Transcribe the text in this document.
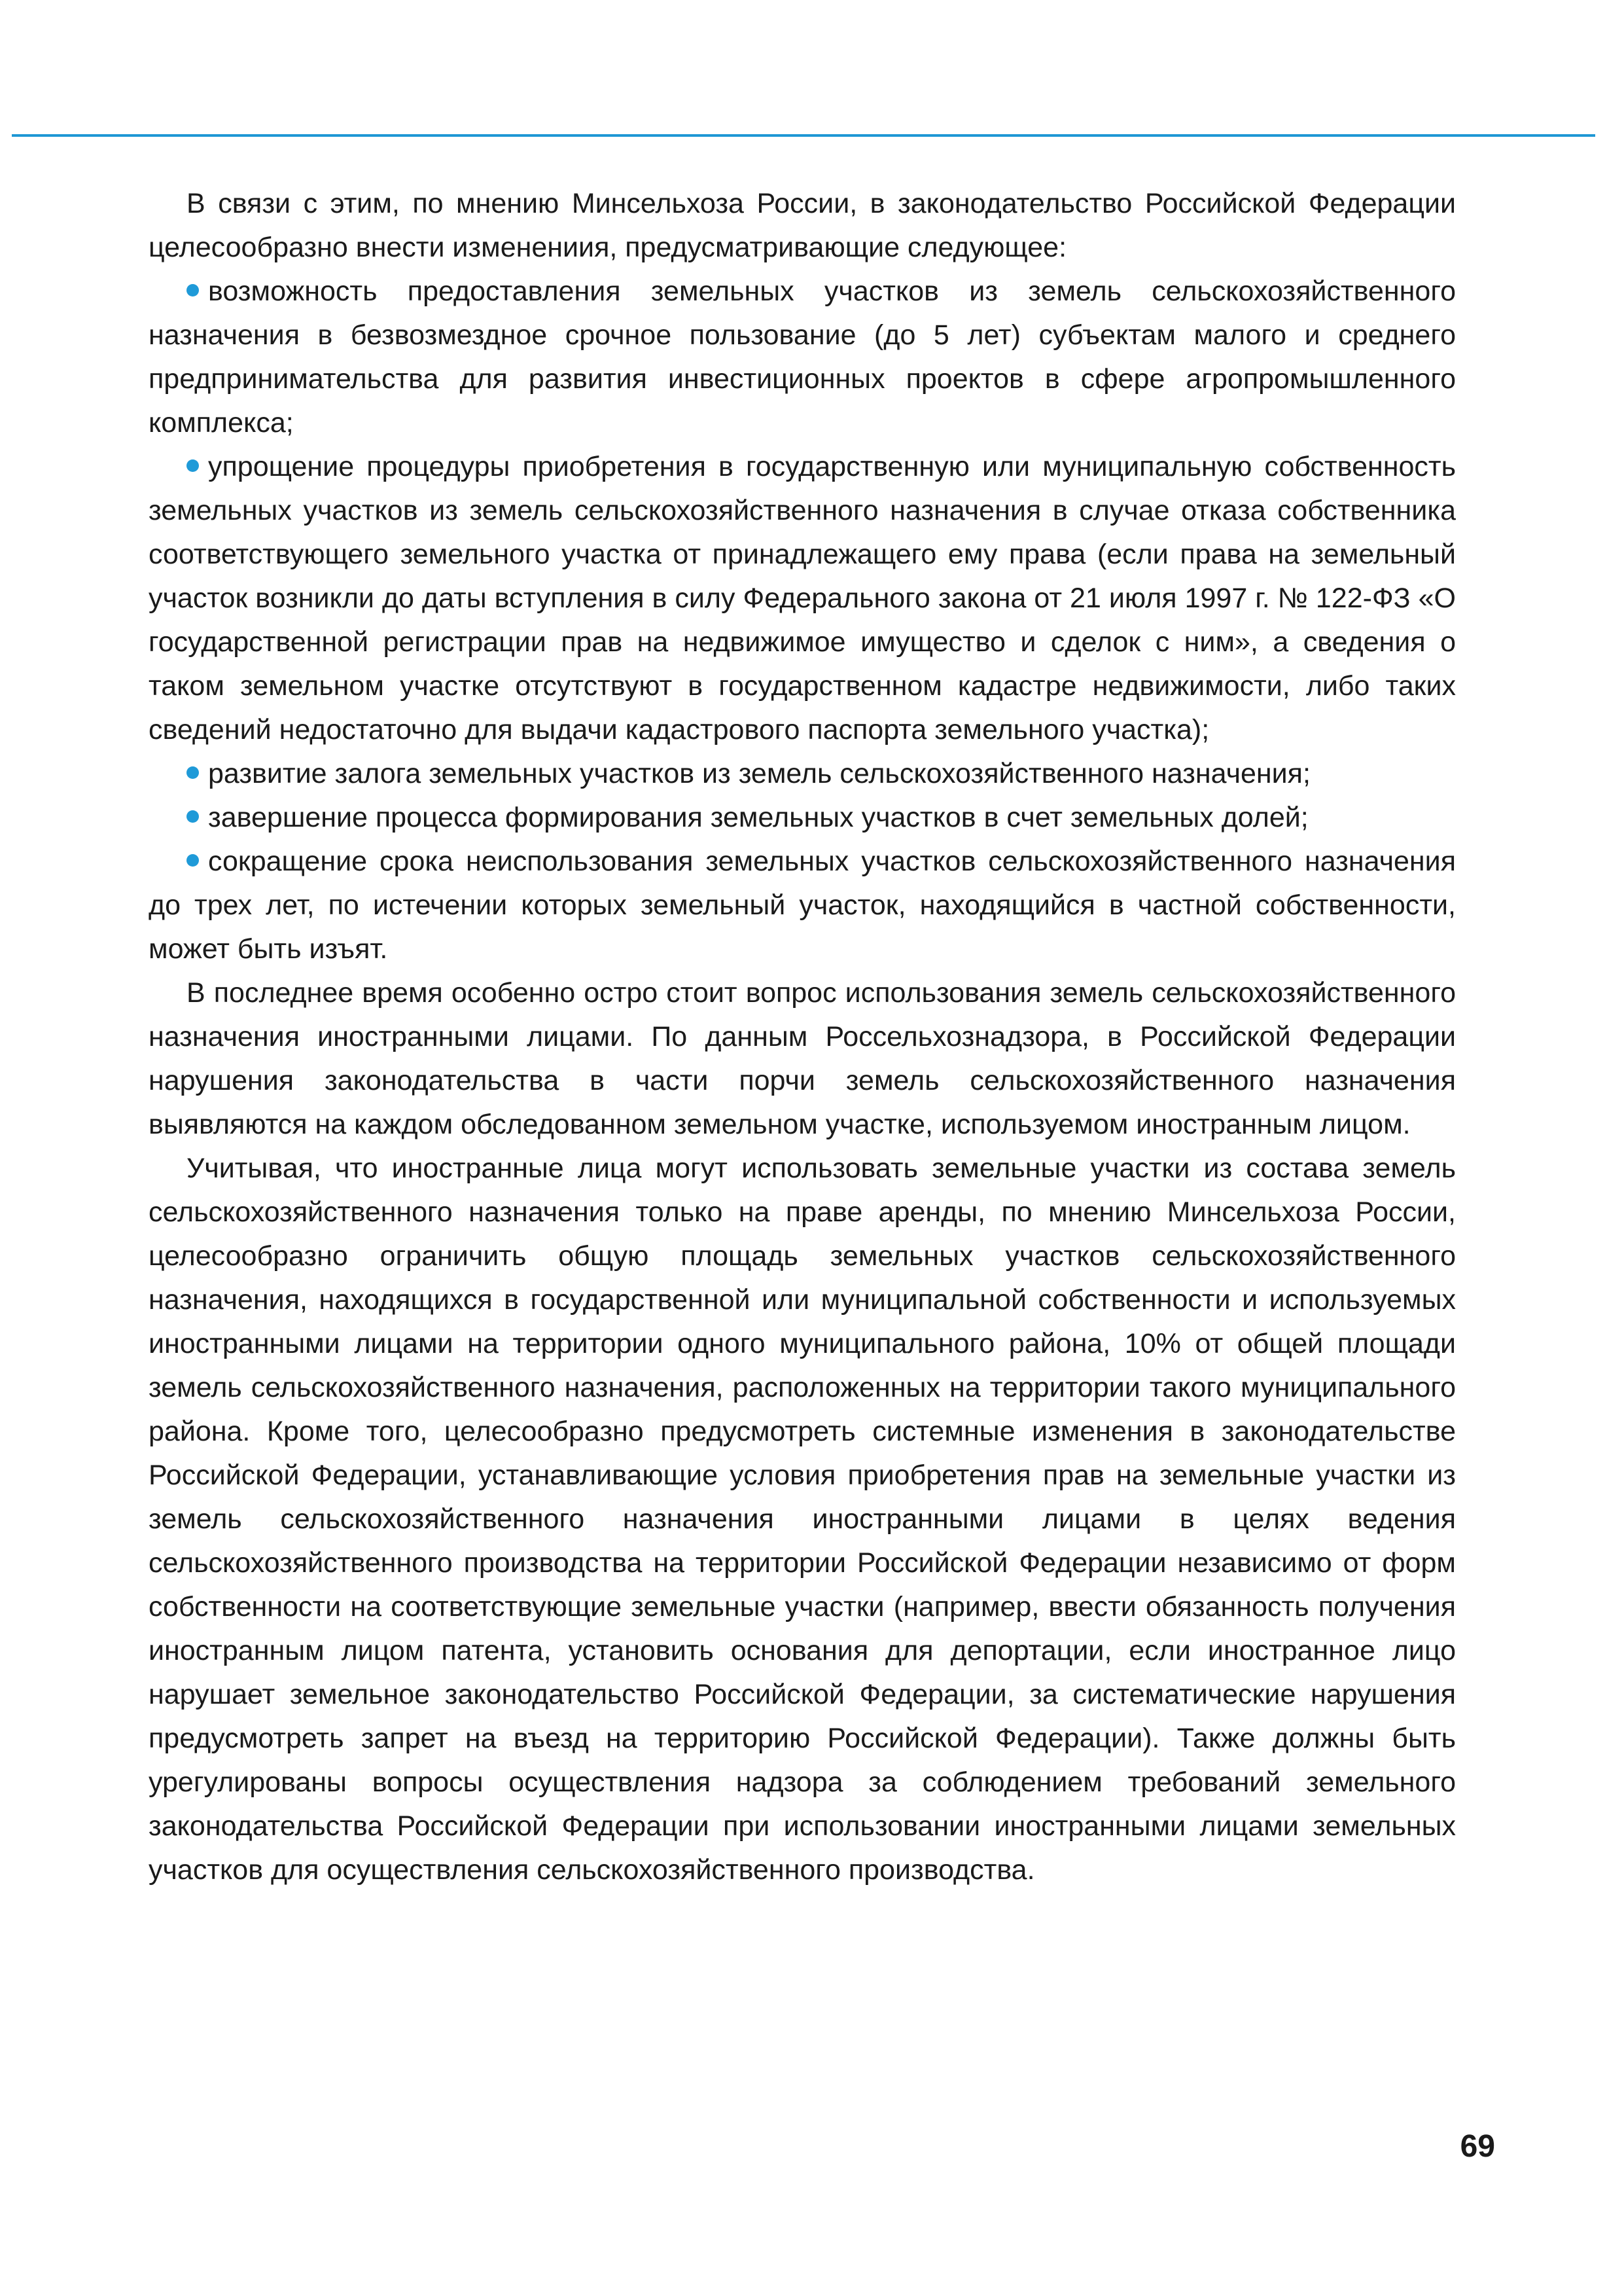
В связи с этим, по мнению Минсельхоза России, в законодательство Российской Федерации целесообразно внести изменениия, предусматривающие следующее:

возможность предоставления земельных участков из земель сельскохозяйственного назначения в безвозмездное срочное пользование (до 5 лет) субъектам малого и среднего предпринимательства для развития инвестиционных проектов в сфере агропромышленного комплекса;

упрощение процедуры приобретения в государственную или муниципальную собственность земельных участков из земель сельскохозяйственного назначения в случае отказа собственника соответствующего земельного участка от принадлежащего ему права (если права на земельный участок возникли до даты вступления в силу Федерального закона от 21 июля 1997 г. № 122-ФЗ «О государственной регистрации прав на недвижимое имущество и сделок с ним», а сведения о таком земельном участке отсутствуют в государственном кадастре недвижимости, либо таких сведений недостаточно для выдачи кадастрового паспорта земельного участка);

развитие залога земельных участков из земель сельскохозяйственного назначения;

завершение процесса формирования земельных участков в счет земельных долей;

сокращение срока неиспользования земельных участков сельскохозяйственного назначения до трех лет, по истечении которых земельный участок, находящийся в частной собственности, может быть изъят.

В последнее время особенно остро стоит вопрос использования земель сельскохозяйственного назначения иностранными лицами. По данным Россельхознадзора, в Российской Федерации нарушения законодательства в части порчи земель сельскохозяйственного назначения выявляются на каждом обследованном земельном участке, используемом иностранным лицом.

Учитывая, что иностранные лица могут использовать земельные участки из состава земель сельскохозяйственного назначения только на праве аренды, по мнению Минсельхоза России, целесообразно ограничить общую площадь земельных участков сельскохозяйственного назначения, находящихся в государственной или муниципальной собственности и используемых иностранными лицами на территории одного муниципального района, 10% от общей площади земель сельскохозяйственного назначения, расположенных на территории такого муниципального района. Кроме того, целесообразно предусмотреть системные изменения в законодательстве Российской Федерации, устанавливающие условия приобретения прав на земельные участки из земель сельскохозяйственного назначения иностранными лицами в целях ведения сельскохозяйственного производства на территории Российской Федерации независимо от форм собственности на соответствующие земельные участки (например, ввести обязанность получения иностранным лицом патента, установить основания для депортации, если иностранное лицо нарушает земельное законодательство Российской Федерации, за систематические нарушения предусмотреть запрет на въезд на территорию Российской Федерации). Также должны быть урегулированы вопросы осуществления надзора за соблюдением требований земельного законодательства Российской Федерации при использовании иностранными лицами земельных участков для осуществления сельскохозяйственного производства.

69
